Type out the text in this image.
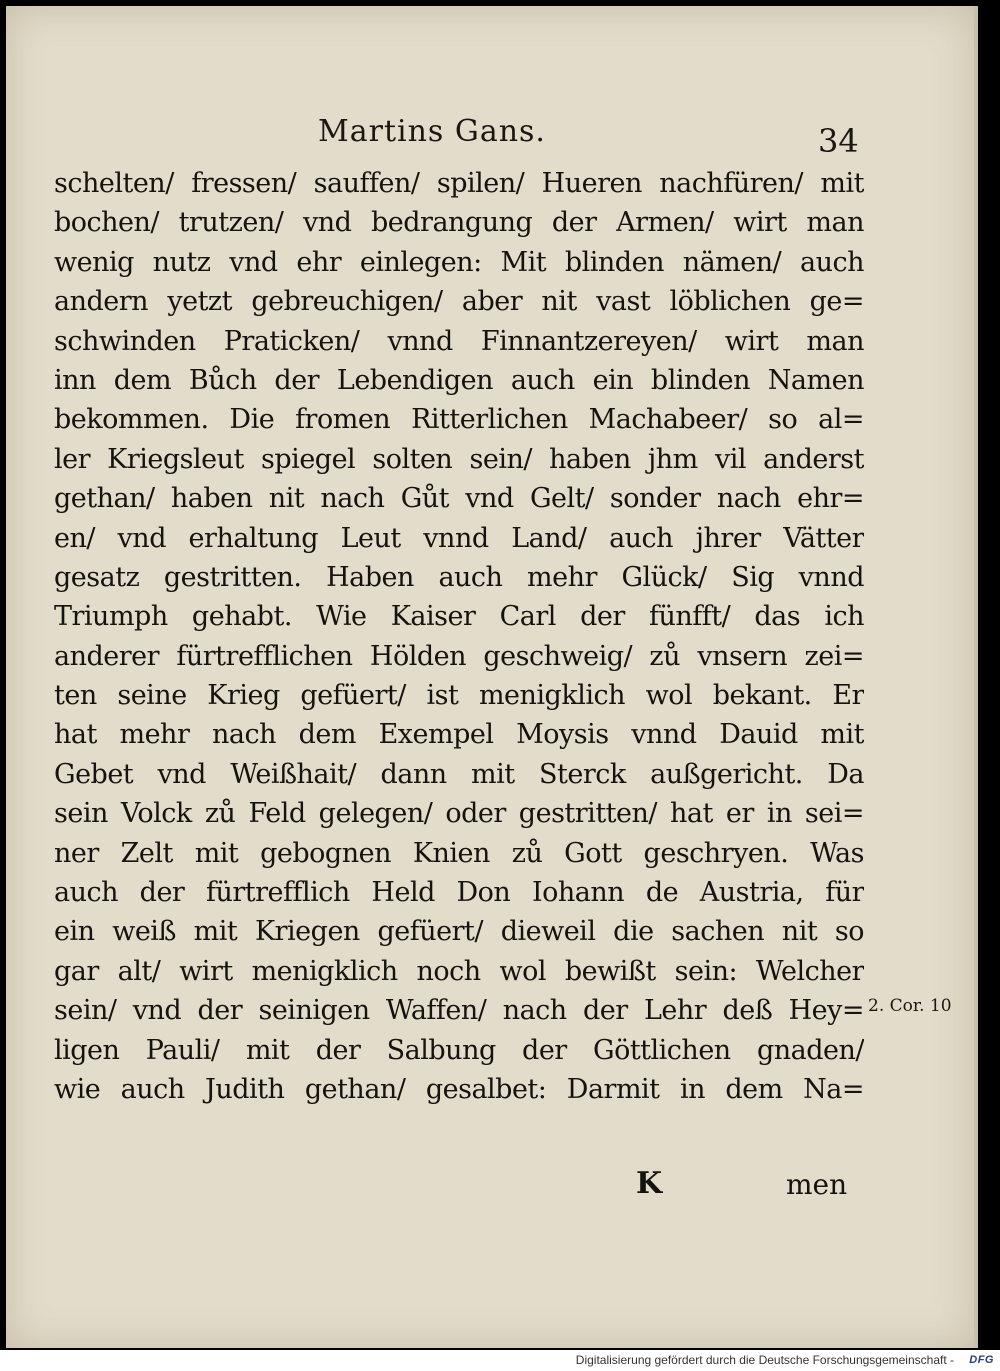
Martins Gans.	34
schelten/ fressen/ sauffen/ spilen/ Hueren nachfüren/ mit
bochen/ trutzen/ vnd bedrangung der Armen/ wirt man
wenig nutz vnd ehr einlegen: Mit blinden nämen/ auch
andern yetzt gebreuchigen/ aber nit vast löblichen ge=
schwinden Praticken/ vnnd Finnantzereyen/ wirt man
inn dem Bůch der Lebendigen auch ein blinden Namen
bekommen. Die fromen Ritterlichen Machabeer/ so al=
ler Kriegsleut spiegel solten sein/ haben jhm vil anderst
gethan/ haben nit nach Gůt vnd Gelt/ sonder nach ehr=
en/ vnd erhaltung Leut vnnd Land/ auch jhrer Vätter
gesatz gestritten. Haben auch mehr Glück/ Sig vnnd
Triumph gehabt. Wie Kaiser Carl der fünfft/ das ich
anderer fürtrefflichen Hölden geschweig/ zů vnsern zei=
ten seine Krieg gefüert/ ist menigklich wol bekant. Er
hat mehr nach dem Exempel Moysis vnnd Dauid mit
Gebet vnd Weißhait/ dann mit Sterck außgericht. Da
sein Volck zů Feld gelegen/ oder gestritten/ hat er in sei=
ner Zelt mit gebognen Knien zů Gott geschryen. Was
auch der fürtrefflich Held Don Iohann de Austria, für
ein weiß mit Kriegen gefüert/ dieweil die sachen nit so
gar alt/ wirt menigklich noch wol bewißt sein: Welcher
sein/ vnd der seinigen Waffen/ nach der Lehr deß Hey=
ligen Pauli/ mit der Salbung der Göttlichen gnaden/
wie auch Judith gethan/ gesalbet: Darmit in dem Na=
K	men
2. Cor. 10
Digitalisierung gefördert durch die Deutsche Forschungsgemeinschaft - DFG
